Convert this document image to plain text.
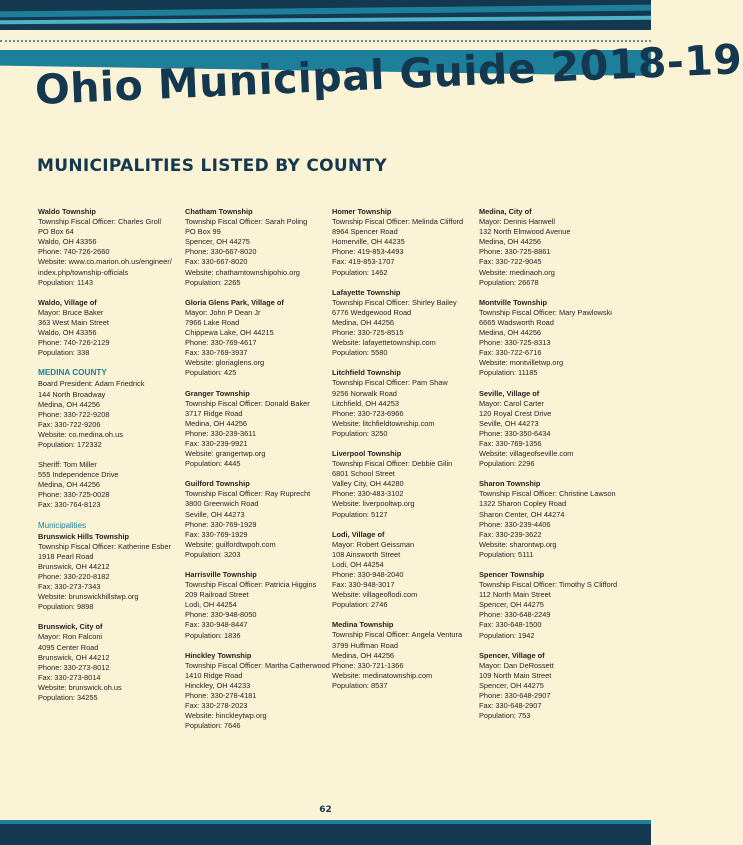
Ohio Municipal Guide 2018-19
MUNICIPALITIES LISTED BY COUNTY
Waldo Township
Township Fiscal Officer: Charles Groll
PO Box 64
Waldo, OH 43356
Phone: 740-726-2660
Website: www.co.marion.oh.us/engineer/
index.php/township-officials
Population: 1143
Waldo, Village of
Mayor: Bruce Baker
363 West Main Street
Waldo, OH 43356
Phone: 740-726-2129
Population: 338
MEDINA COUNTY
Board President: Adam Friedrick
144 North Broadway
Medina, OH 44256
Phone: 330-722-9208
Fax: 330-722-9206
Website: co.medina.oh.us
Population: 172332
Sheriff: Tom Miller
555 Independence Drive
Medina, OH 44256
Phone: 330-725-0028
Fax: 330-764-8123
Municipalities
Brunswick Hills Township
Township Fiscal Officer: Katherine Esber
1918 Pearl Road
Brunswick, OH 44212
Phone: 330-220-8182
Fax: 330-273-7343
Website: brunswickhillstwp.org
Population: 9898
Brunswick, City of
Mayor: Ron Falconi
4095 Center Road
Brunswick, OH 44212
Phone: 330-273-8012
Fax: 330-273-8014
Website: brunswick.oh.us
Population: 34255
Chatham Township
Township Fiscal Officer: Sarah Poling
PO Box 99
Spencer, OH 44275
Phone: 330-667-8020
Fax: 330-667-8020
Website: chathamtownshipohio.org
Population: 2265
Gloria Glens Park, Village of
Mayor: John P Dean Jr
7966 Lake Road
Chippewa Lake, OH 44215
Phone: 330-769-4617
Fax: 330-769-3937
Website: gloriaglens.org
Population: 425
Granger Township
Township Fiscal Officer: Donald Baker
3717 Ridge Road
Medina, OH 44256
Phone: 330-239-3611
Fax: 330-239-9921
Website: grangertwp.org
Population: 4445
Guilford Township
Township Fiscal Officer: Ray Ruprecht
3800 Greenwich Road
Seville, OH 44273
Phone: 330-769-1929
Fax: 330-769-1929
Website: guilfordtwpoh.com
Population: 3203
Harrisville Township
Township Fiscal Officer: Patricia Higgins
209 Railroad Street
Lodi, OH 44254
Phone: 330-948-8050
Fax: 330-948-8447
Population: 1836
Hinckley Township
Township Fiscal Officer: Martha Catherwood
1410 Ridge Road
Hinckley, OH 44233
Phone: 330-278-4181
Fax: 330-278-2023
Website: hinckleytwp.org
Population: 7646
Homer Township
Township Fiscal Officer: Melinda Clifford
8964 Spencer Road
Homerville, OH 44235
Phone: 419-853-4493
Fax: 419-853-1707
Population: 1462
Lafayette Township
Township Fiscal Officer: Shirley Bailey
6776 Wedgewood Road
Medina, OH 44256
Phone: 330-725-8515
Website: lafayettetownship.com
Population: 5580
Litchfield Township
Township Fiscal Officer: Pam Shaw
9256 Norwalk Road
Litchfield, OH 44253
Phone: 330-723-6966
Website: litchfieldtownship.com
Population: 3250
Liverpool Township
Township Fiscal Officer: Debbie Gilin
6801 School Street
Valley City, OH 44280
Phone: 330-483-3102
Website: liverpooltwp.org
Population: 5127
Lodi, Village of
Mayor: Robert Geissman
108 Ainsworth Street
Lodi, OH 44254
Phone: 330-948-2040
Fax: 330-948-3017
Website: villageoflodi.com
Population: 2746
Medina Township
Township Fiscal Officer: Angela Ventura
3799 Huffman Road
Medina, OH 44256
Phone: 330-721-1366
Website: medinatownship.com
Population: 8537
Medina, City of
Mayor: Dennis Hanwell
132 North Elmwood Avenue
Medina, OH 44256
Phone: 330-725-8861
Fax: 330-722-9045
Website: medinaoh.org
Population: 26678
Montville Township
Township Fiscal Officer: Mary Pawlowski
6665 Wadsworth Road
Medina, OH 44256
Phone: 330-725-8313
Fax: 330-722-6716
Website: montvilletwp.org
Population: 11185
Seville, Village of
Mayor: Carol Carter
120 Royal Crest Drive
Seville, OH 44273
Phone: 330-350-6434
Fax: 330-769-1356
Website: villageofseville.com
Population: 2296
Sharon Township
Township Fiscal Officer: Christine Lawson
1322 Sharon Copley Road
Sharon Center, OH 44274
Phone: 330-239-4406
Fax: 330-239-3622
Website: sharontwp.org
Population: 5111
Spencer Township
Township Fiscal Officer: Timothy S Clifford
112 North Main Street
Spencer, OH 44275
Phone: 330-648-2249
Fax: 330-648-1500
Population: 1942
Spencer, Village of
Mayor: Dan DeRossett
109 North Main Street
Spencer, OH 44275
Phone: 330-648-2907
Fax: 330-648-2907
Population: 753
62
